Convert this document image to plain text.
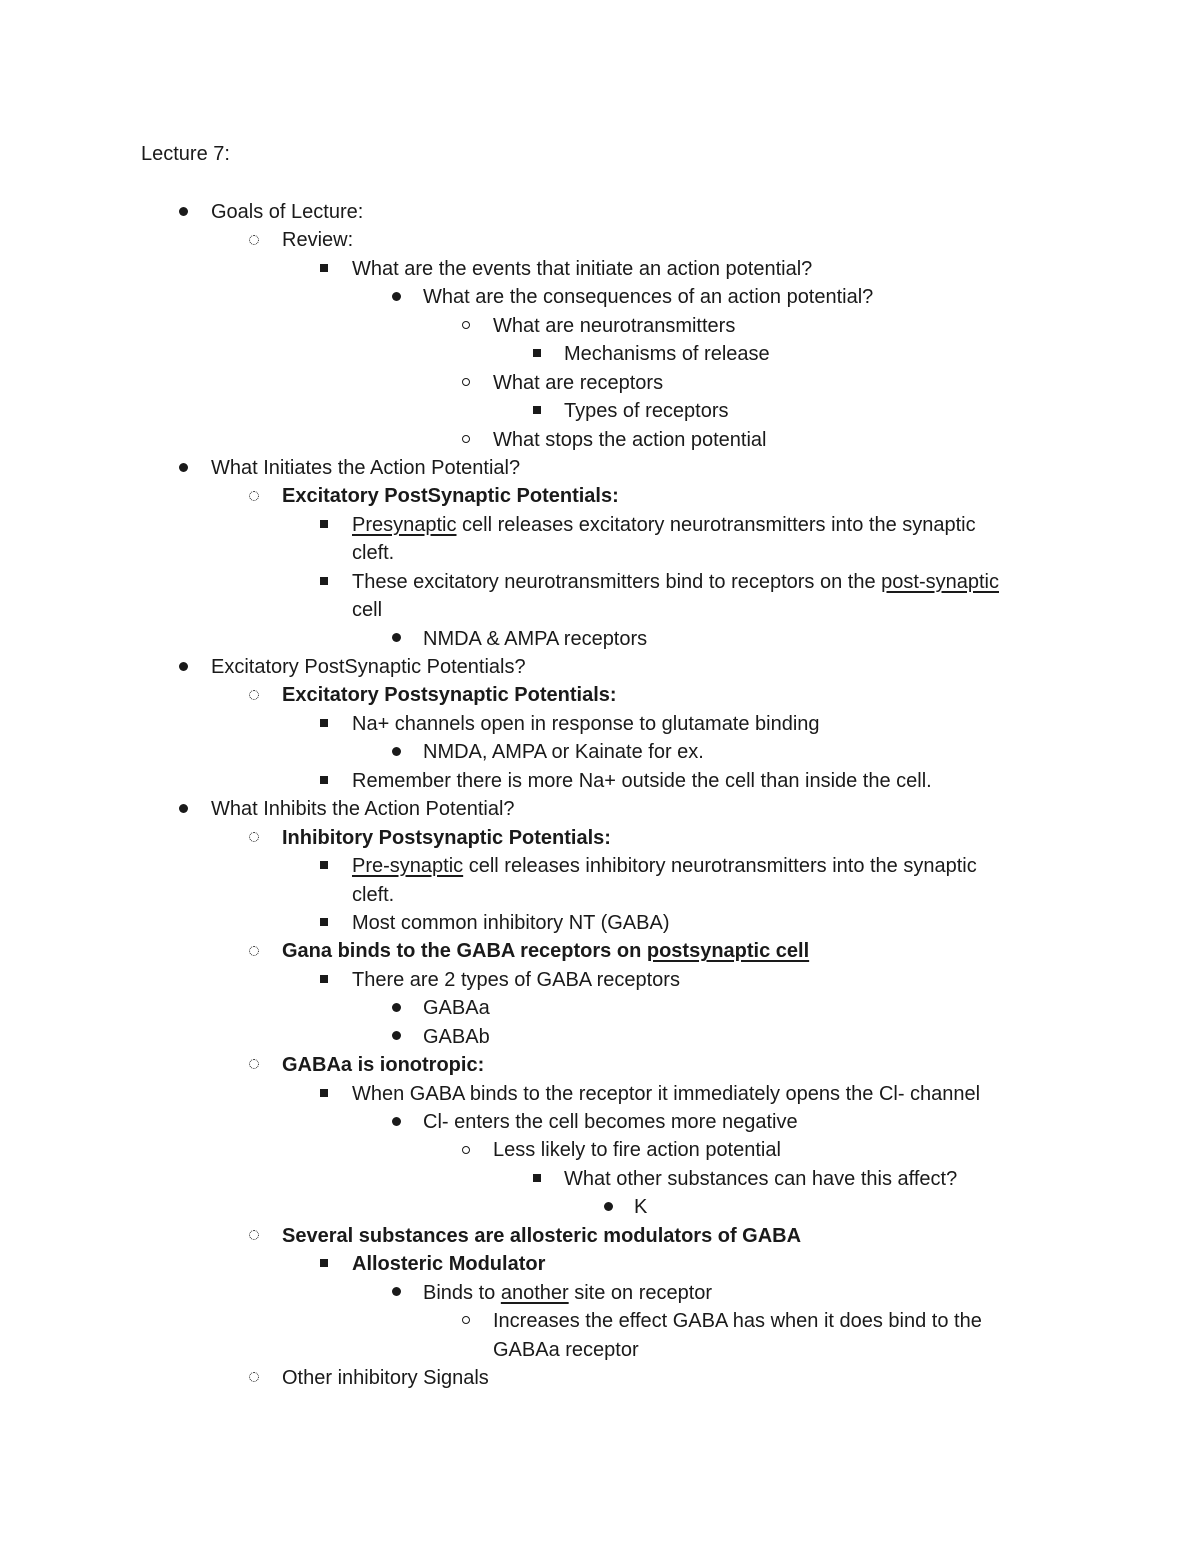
Lecture 7:
Goals of Lecture:
Review:
What are the events that initiate an action potential?
What are the consequences of an action potential?
What are neurotransmitters
Mechanisms of release
What are receptors
Types of receptors
What stops the action potential
What Initiates the Action Potential?
Excitatory PostSynaptic Potentials:
Presynaptic cell releases excitatory neurotransmitters into the synaptic
cleft.
These excitatory neurotransmitters bind to receptors on the post-synaptic
cell
NMDA & AMPA receptors
Excitatory PostSynaptic Potentials?
Excitatory Postsynaptic Potentials:
Na+ channels open in response to glutamate binding
NMDA, AMPA or Kainate for ex.
Remember there is more Na+ outside the cell than inside the cell.
What Inhibits the Action Potential?
Inhibitory Postsynaptic Potentials:
Pre-synaptic cell releases inhibitory neurotransmitters into the synaptic
cleft.
Most common inhibitory NT (GABA)
Gana binds to the GABA receptors on postsynaptic cell
There are 2 types of GABA receptors
GABAa
GABAb
GABAa is ionotropic:
When GABA binds to the receptor it immediately opens the Cl- channel
Cl- enters the cell becomes more negative
Less likely to fire action potential
What other substances can have this affect?
K
Several substances are allosteric modulators of GABA
Allosteric Modulator
Binds to another site on receptor
Increases the effect GABA has when it does bind to the
GABAa receptor
Other inhibitory Signals
